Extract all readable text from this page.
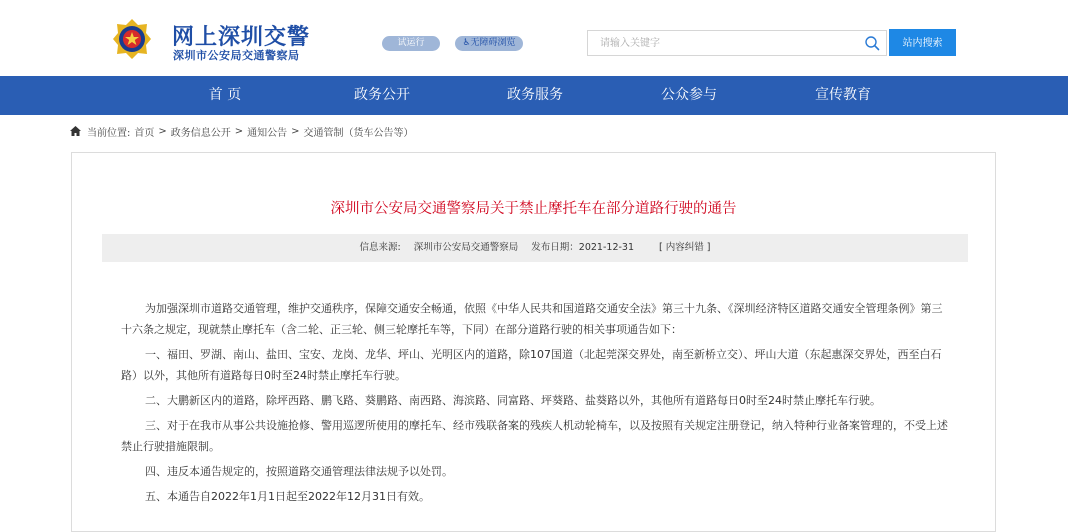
网上深圳交警
深圳市公安局交通警察局
试运行	♿无障碍浏览
请输入关键字	站内搜索
首 页	政务公开	政务服务	公众参与	宣传教育
当前位置: 首页 > 政务信息公开 > 通知公告 > 交通管制（货车公告等）
深圳市公安局交通警察局关于禁止摩托车在部分道路行驶的通告
信息来源: 深圳市公安局交通警察局 发布日期：2021-12-31	[ 内容纠错 ]

为加强深圳市道路交通管理，维护交通秩序，保障交通安全畅通，依照《中华人民共和国道路交通安全法》第三十九条、《深圳经济特区道路交通安全管理条例》第三十六条之规定，现就禁止摩托车（含二轮、正三轮、侧三轮摩托车等，下同）在部分道路行驶的相关事项通告如下：

一、福田、罗湖、南山、盐田、宝安、龙岗、龙华、坪山、光明区内的道路，除107国道（北起莞深交界处，南至新桥立交）、坪山大道（东起惠深交界处，西至白石路）以外，其他所有道路每日0时至24时禁止摩托车行驶。

二、大鹏新区内的道路，除坪西路、鹏飞路、葵鹏路、南西路、海滨路、同富路、坪葵路、盐葵路以外，其他所有道路每日0时至24时禁止摩托车行驶。

三、对于在我市从事公共设施抢修、警用巡逻所使用的摩托车、经市残联备案的残疾人机动轮椅车，以及按照有关规定注册登记，纳入特种行业备案管理的，不受上述禁止行驶措施限制。

四、违反本通告规定的，按照道路交通管理法律法规予以处罚。

五、本通告自2022年1月1日起至2022年12月31日有效。
